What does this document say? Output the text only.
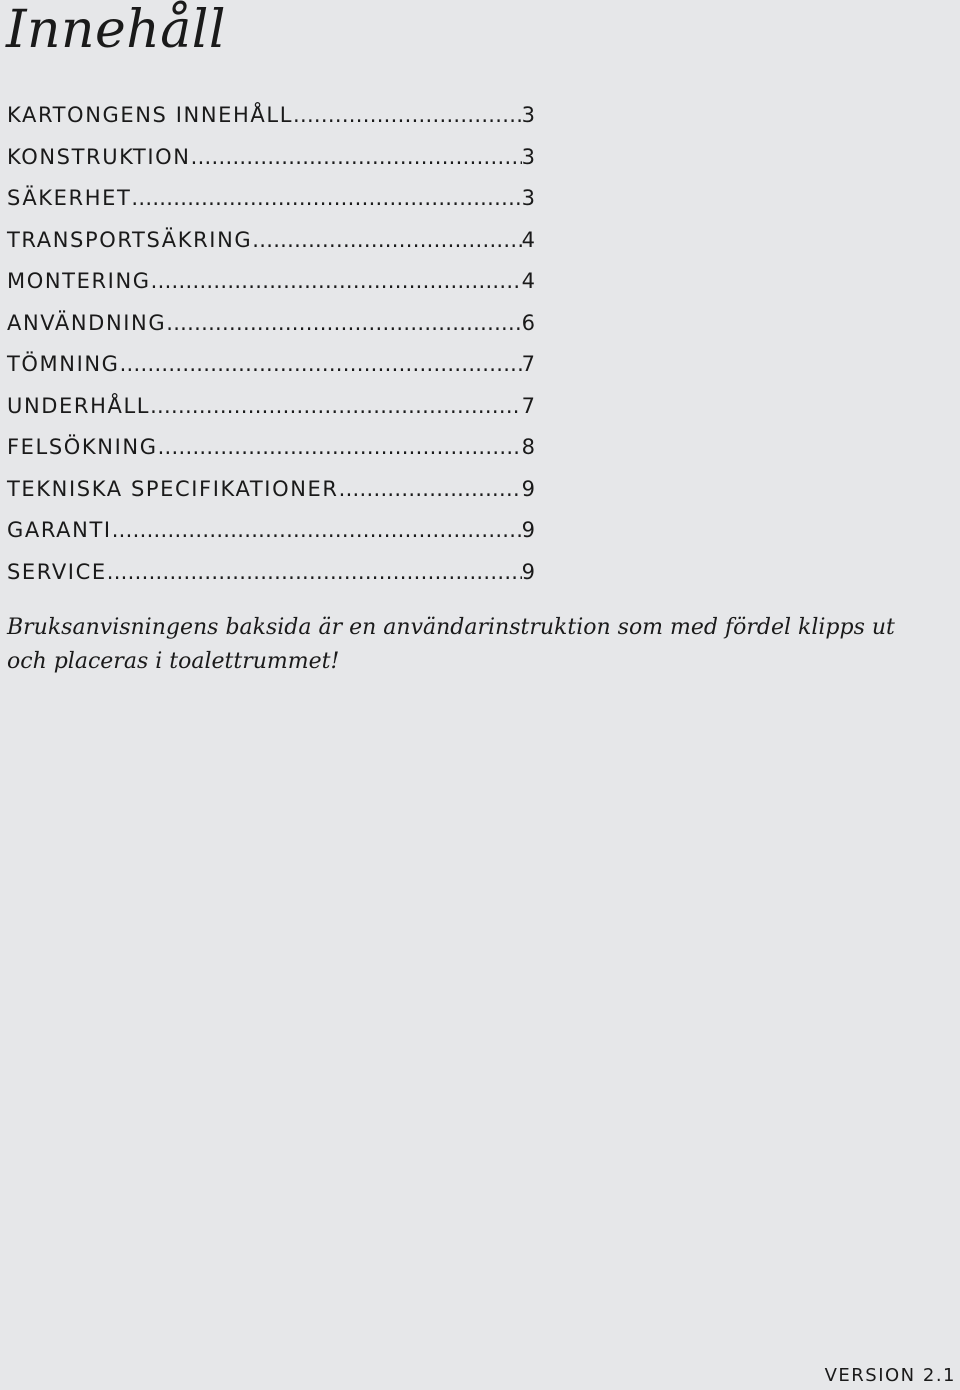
Innehåll
KARTONGENS INNEHÅLL .....	3
KONSTRUKTION .....	3
SÄKERHET .....	3
TRANSPORTSÄKRING .....	4
MONTERING .....	4
ANVÄNDNING .....	6
TÖMNING .....	7
UNDERHÅLL .....	7
FELSÖKNING .....	8
TEKNISKA SPECIFIKATIONER .....	9
GARANTI .....	9
SERVICE .....	9

Bruksanvisningens baksida är en användarinstruktion som med fördel klipps ut
och placeras i toalettrummet!

VERSION 2.1
